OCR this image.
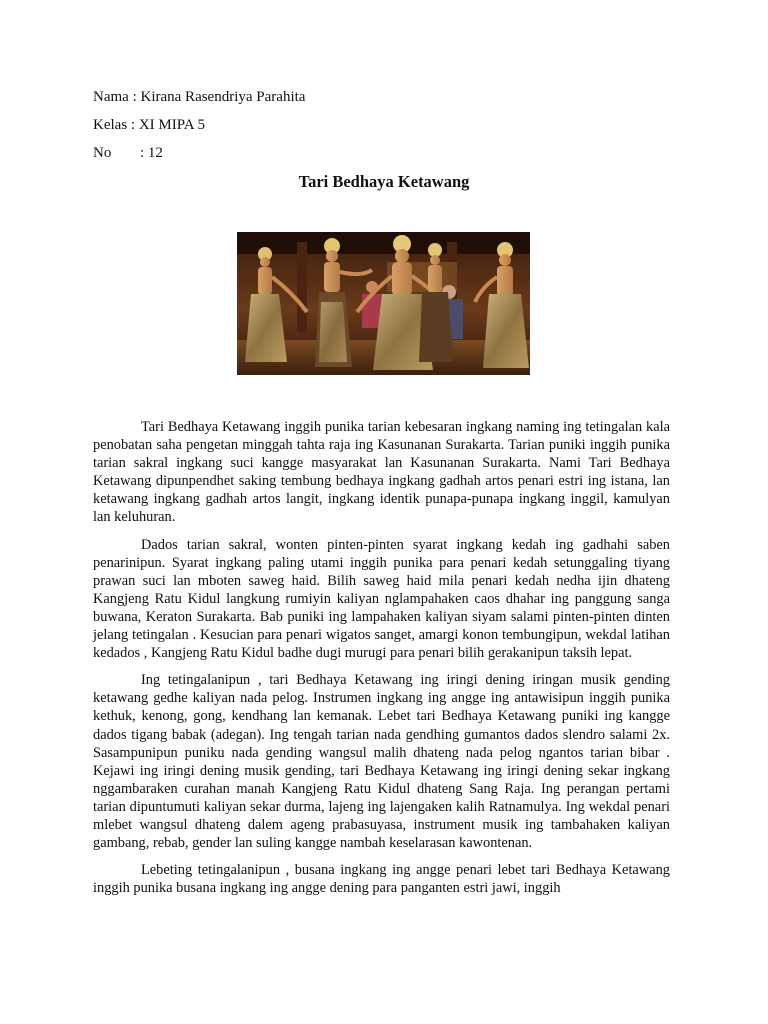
Nama : Kirana Rasendriya Parahita
Kelas : XI MIPA 5
No : 12
Tari Bedhaya Ketawang

Tari Bedhaya Ketawang inggih punika tarian kebesaran ingkang naming ing tetingalan kala penobatan saha pengetan minggah tahta raja ing Kasunanan Surakarta. Tarian puniki inggih punika tarian sakral ingkang suci kangge masyarakat lan Kasunanan Surakarta. Nami Tari Bedhaya Ketawang dipunpendhet saking tembung bedhaya ingkang gadhah artos penari estri ing istana, lan ketawang ingkang gadhah artos langit, ingkang identik punapa-punapa ingkang inggil, kamulyan lan keluhuran.

Dados tarian sakral, wonten pinten-pinten syarat ingkang kedah ing gadhahi saben penarinipun. Syarat ingkang paling utami inggih punika para penari kedah setunggaling tiyang prawan suci lan mboten saweg haid. Bilih saweg haid mila penari kedah nedha ijin dhateng Kangjeng Ratu Kidul langkung rumiyin kaliyan nglampahaken caos dhahar ing panggung sanga buwana, Keraton Surakarta. Bab puniki ing lampahaken kaliyan siyam salami pinten-pinten dinten jelang tetingalan . Kesucian para penari wigatos sanget, amargi konon tembungipun, wekdal latihan kedados , Kangjeng Ratu Kidul badhe dugi murugi para penari bilih gerakanipun taksih lepat.

Ing tetingalanipun , tari Bedhaya Ketawang ing iringi dening iringan musik gending ketawang gedhe kaliyan nada pelog. Instrumen ingkang ing angge ing antawisipun inggih punika kethuk, kenong, gong, kendhang lan kemanak. Lebet tari Bedhaya Ketawang puniki ing kangge dados tigang babak (adegan). Ing tengah tarian nada gendhing gumantos dados slendro salami 2x. Sasampunipun puniku nada gending wangsul malih dhateng nada pelog ngantos tarian bibar . Kejawi ing iringi dening musik gending, tari Bedhaya Ketawang ing iringi dening sekar ingkang nggambaraken curahan manah Kangjeng Ratu Kidul dhateng Sang Raja. Ing perangan pertami tarian dipuntumuti kaliyan sekar durma, lajeng ing lajengaken kalih Ratnamulya. Ing wekdal penari mlebet wangsul dhateng dalem ageng prabasuyasa, instrument musik ing tambahaken kaliyan gambang, rebab, gender lan suling kangge nambah keselarasan kawontenan.

Lebeting tetingalanipun , busana ingkang ing angge penari lebet tari Bedhaya Ketawang inggih punika busana ingkang ing angge dening para panganten estri jawi, inggih
